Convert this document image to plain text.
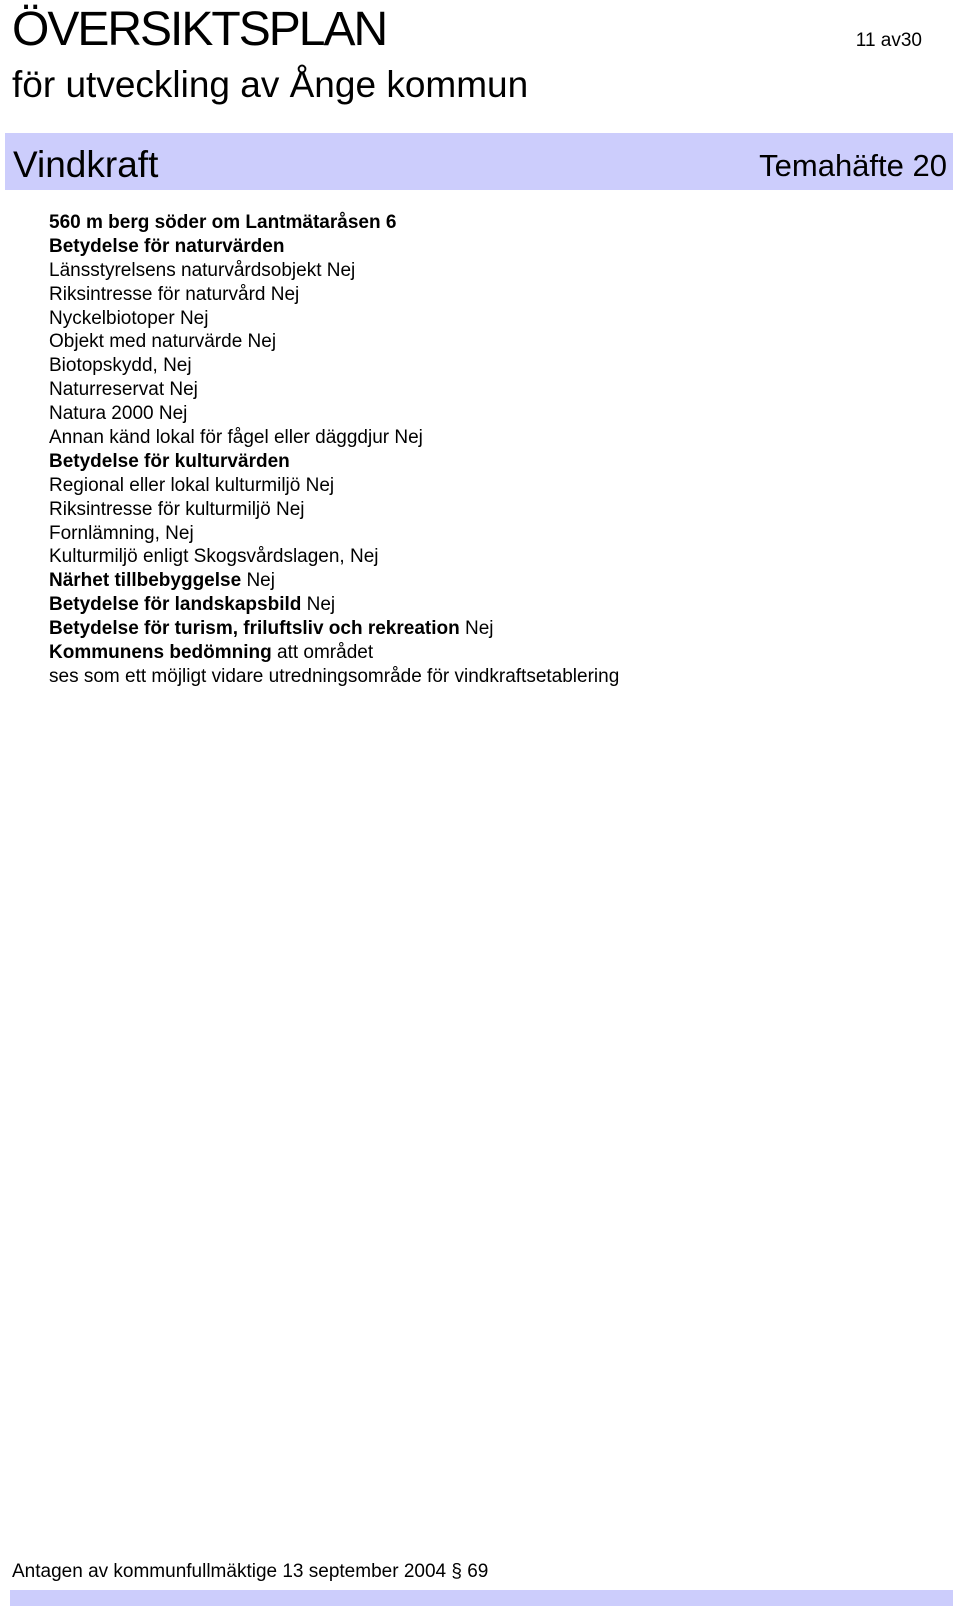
ÖVERSIKTSPLAN
för utveckling av Ånge kommun
11 av30
Vindkraft	Temahäfte 20
560 m berg söder om Lantmätaråsen 6
Betydelse för naturvärden
Länsstyrelsens naturvårdsobjekt Nej
Riksintresse för naturvård Nej
Nyckelbiotoper Nej
Objekt med naturvärde Nej
Biotopskydd, Nej
Naturreservat Nej
Natura 2000 Nej
Annan känd lokal för fågel eller däggdjur Nej
Betydelse för kulturvärden
Regional eller lokal kulturmiljö Nej
Riksintresse för kulturmiljö Nej
Fornlämning, Nej
Kulturmiljö enligt Skogsvårdslagen, Nej
Närhet tillbebyggelse Nej
Betydelse för landskapsbild Nej
Betydelse för turism, friluftsliv och rekreation Nej
Kommunens bedömning att området
ses som ett möjligt vidare utredningsområde för vindkraftsetablering
Antagen av kommunfullmäktige 13 september 2004 § 69
